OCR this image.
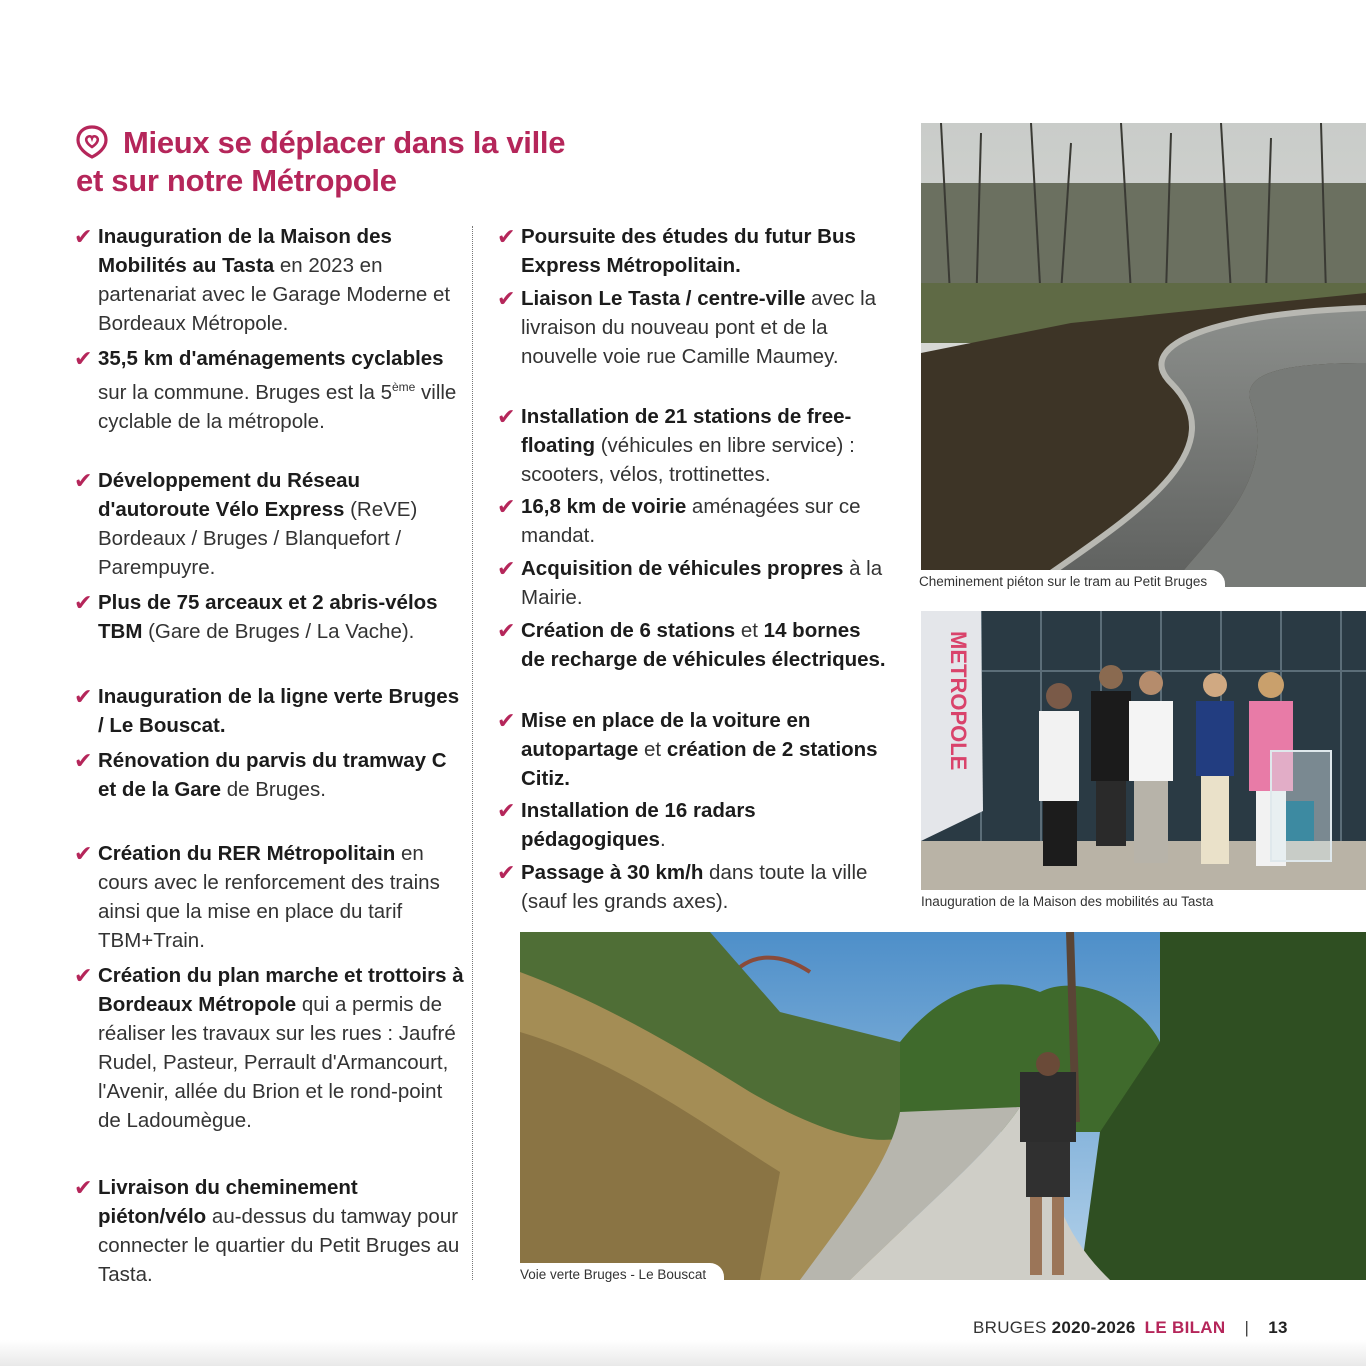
Mieux se déplacer dans la ville
et sur notre Métropole
✔ Inauguration de la Maison des Mobilités au Tasta en 2023 en partenariat avec le Garage Moderne et Bordeaux Métropole.
✔ 35,5 km d'aménagements cyclables sur la commune. Bruges est la 5ème ville cyclable de la métropole.
✔ Développement du Réseau d'autoroute Vélo Express (ReVE) Bordeaux / Bruges / Blanquefort / Parempuyre.
✔ Plus de 75 arceaux et 2 abris-vélos TBM (Gare de Bruges / La Vache).
✔ Inauguration de la ligne verte Bruges / Le Bouscat.
✔ Rénovation du parvis du tramway C et de la Gare de Bruges.
✔ Création du RER Métropolitain en cours avec le renforcement des trains ainsi que la mise en place du tarif TBM+Train.
✔ Création du plan marche et trottoirs à Bordeaux Métropole qui a permis de réaliser les travaux sur les rues : Jaufré Rudel, Pasteur, Perrault d'Armancourt, l'Avenir, allée du Brion et le rond-point de Ladoumègue.
✔ Livraison du cheminement piéton/vélo au-dessus du tamway pour connecter le quartier du Petit Bruges au Tasta.
✔ Poursuite des études du futur Bus Express Métropolitain.
✔ Liaison Le Tasta / centre-ville avec la livraison du nouveau pont et de la nouvelle voie rue Camille Maumey.
✔ Installation de 21 stations de free-floating (véhicules en libre service) : scooters, vélos, trottinettes.
✔ 16,8 km de voirie aménagées sur ce mandat.
✔ Acquisition de véhicules propres à la Mairie.
✔ Création de 6 stations et 14 bornes de recharge de véhicules électriques.
✔ Mise en place de la voiture en autopartage et création de 2 stations Citiz.
✔ Installation de 16 radars pédagogiques.
✔ Passage à 30 km/h dans toute la ville (sauf les grands axes).
Cheminement piéton sur le tram au Petit Bruges
METROPOLE
Inauguration de la Maison des mobilités au Tasta
Voie verte Bruges - Le Bouscat
BRUGES 2020-2026 LE BILAN | 13
